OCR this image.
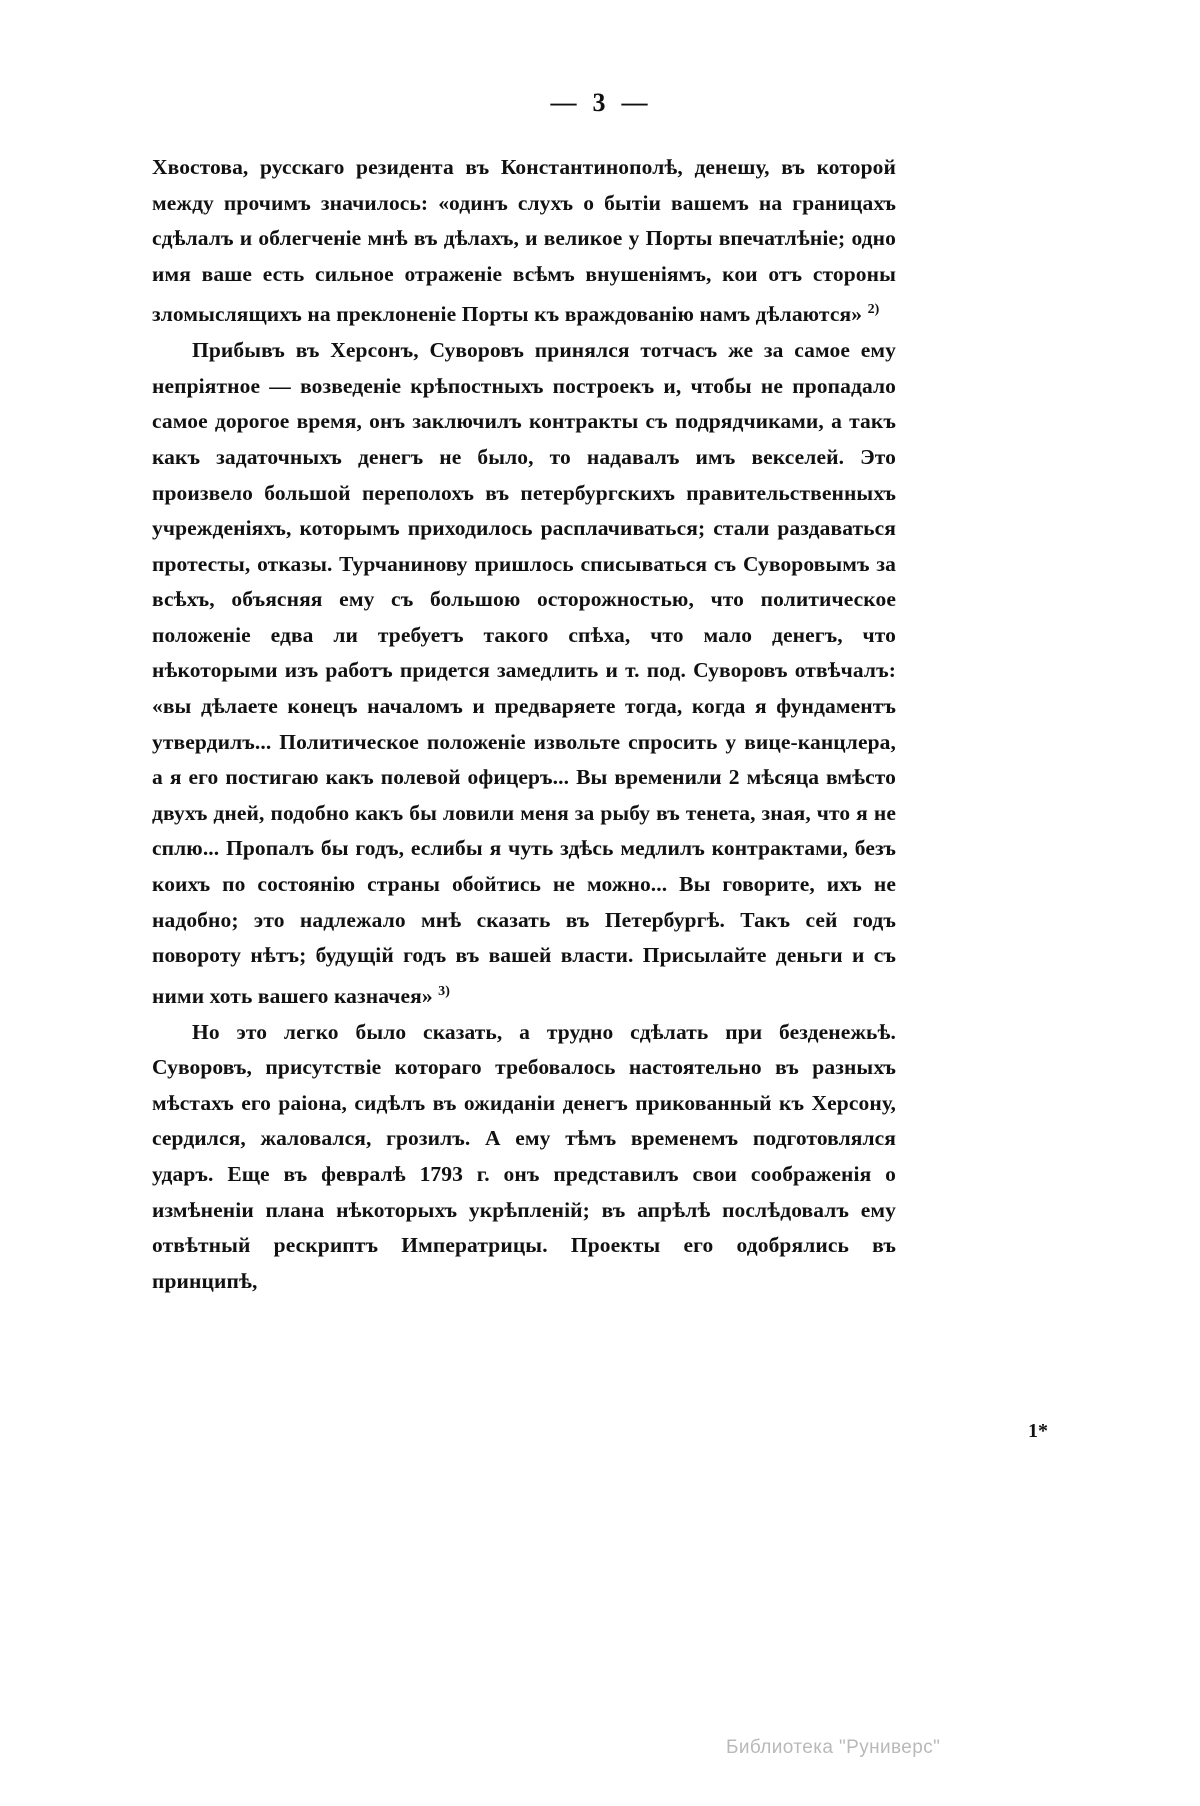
— 3 —

Хвостова, русскаго резидента въ Константинополѣ, денешу, въ которой между прочимъ значилось: «одинъ слухъ о бытіи вашемъ на границахъ сдѣлалъ и облегченіе мнѣ въ дѣлахъ, и великое у Порты впечатлѣніе; одно имя ваше есть сильное отраженіе всѣмъ внушеніямъ, кои отъ стороны зломыслящихъ на преклоненіе Порты къ враждованію намъ дѣлаются» $^{2)}$

Прибывъ въ Херсонъ, Суворовъ принялся тотчасъ же за самое ему непріятное — возведеніе крѣпостныхъ построекъ и, чтобы не пропадало самое дорогое время, онъ заключилъ контракты съ подрядчиками, а такъ какъ задаточныхъ денегъ не было, то надавалъ имъ векселей. Это произвело большой переполохъ въ петербургскихъ правительственныхъ учрежденіяхъ, которымъ приходилось расплачиваться; стали раздаваться протесты, отказы. Турчанинову пришлось списываться съ Суворовымъ за всѣхъ, объясняя ему съ большою осторожностью, что политическое положеніе едва ли требуетъ такого спѣха, что мало денегъ, что нѣкоторыми изъ работъ придется замедлить и т. под. Суворовъ отвѣчалъ: «вы дѣлаете конецъ началомъ и предваряете тогда, когда я фундаментъ утвердилъ... Политическое положеніе извольте спросить у вице-канцлера, а я его постигаю какъ полевой офицеръ... Вы временили 2 мѣсяца вмѣсто двухъ дней, подобно какъ бы ловили меня за рыбу въ тенета, зная, что я не сплю... Пропалъ бы годъ, еслибы я чуть здѣсь медлилъ контрактами, безъ коихъ по состоянію страны обойтись не можно... Вы говорите, ихъ не надобно; это надлежало мнѣ сказать въ Петербургѣ. Такъ сей годъ повороту нѣтъ; будущій годъ въ вашей власти. Присылайте деньги и съ ними хоть вашего казначея» $^{3)}$

Но это легко было сказать, а трудно сдѣлать при безденежьѣ. Суворовъ, присутствіе котораго требовалось настоятельно въ разныхъ мѣстахъ его раіона, сидѣлъ въ ожиданіи денегъ прикованный къ Херсону, сердился, жаловался, грозилъ. А ему тѣмъ временемъ подготовлялся ударъ. Еще въ февралѣ 1793 г. онъ представилъ свои соображенія о измѣненіи плана нѣкоторыхъ укрѣпленій; въ апрѣлѣ послѣдовалъ ему отвѣтный рескриптъ Императрицы. Проекты его одобрялись въ принципѣ,

1*
Библиотека "Руниверс"
